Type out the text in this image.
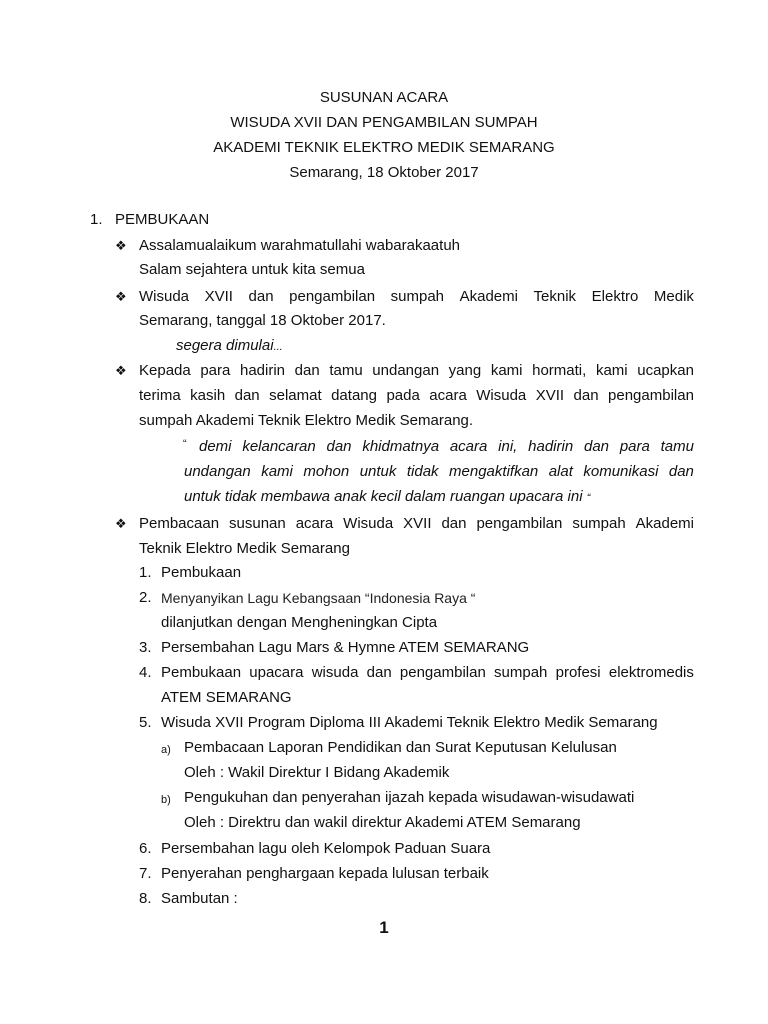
SUSUNAN ACARA
WISUDA XVII DAN PENGAMBILAN SUMPAH
AKADEMI TEKNIK ELEKTRO MEDIK SEMARANG
Semarang, 18 Oktober 2017
1. PEMBUKAAN
❖ Assalamualaikum warahmatullahi wabarakaatuh
Salam sejahtera untuk kita semua
❖ Wisuda XVII dan pengambilan sumpah Akademi Teknik Elektro Medik
Semarang, tanggal 18 Oktober 2017.
segera dimulai...
❖ Kepada para hadirin dan tamu undangan yang kami hormati, kami ucapkan
terima kasih dan selamat datang pada acara Wisuda XVII dan pengambilan
sumpah Akademi Teknik Elektro Medik Semarang.
“ demi kelancaran dan khidmatnya acara ini, hadirin dan para tamu
undangan kami mohon untuk tidak mengaktifkan alat komunikasi dan
untuk tidak membawa anak kecil dalam ruangan upacara ini “
❖ Pembacaan susunan acara Wisuda XVII dan pengambilan sumpah Akademi
Teknik Elektro Medik Semarang
1. Pembukaan
2. Menyanyikan Lagu Kebangsaan “Indonesia Raya “
dilanjutkan dengan Mengheningkan Cipta
3. Persembahan Lagu Mars & Hymne ATEM SEMARANG
4. Pembukaan upacara wisuda dan pengambilan sumpah profesi elektromedis
ATEM SEMARANG
5. Wisuda XVII Program Diploma III Akademi Teknik Elektro Medik Semarang
a) Pembacaan Laporan Pendidikan dan Surat Keputusan Kelulusan
Oleh : Wakil Direktur I Bidang Akademik
b) Pengukuhan dan penyerahan ijazah kepada wisudawan-wisudawati
Oleh : Direktru dan wakil direktur Akademi ATEM Semarang
6. Persembahan lagu oleh Kelompok Paduan Suara
7. Penyerahan penghargaan kepada lulusan terbaik
8. Sambutan :
1
